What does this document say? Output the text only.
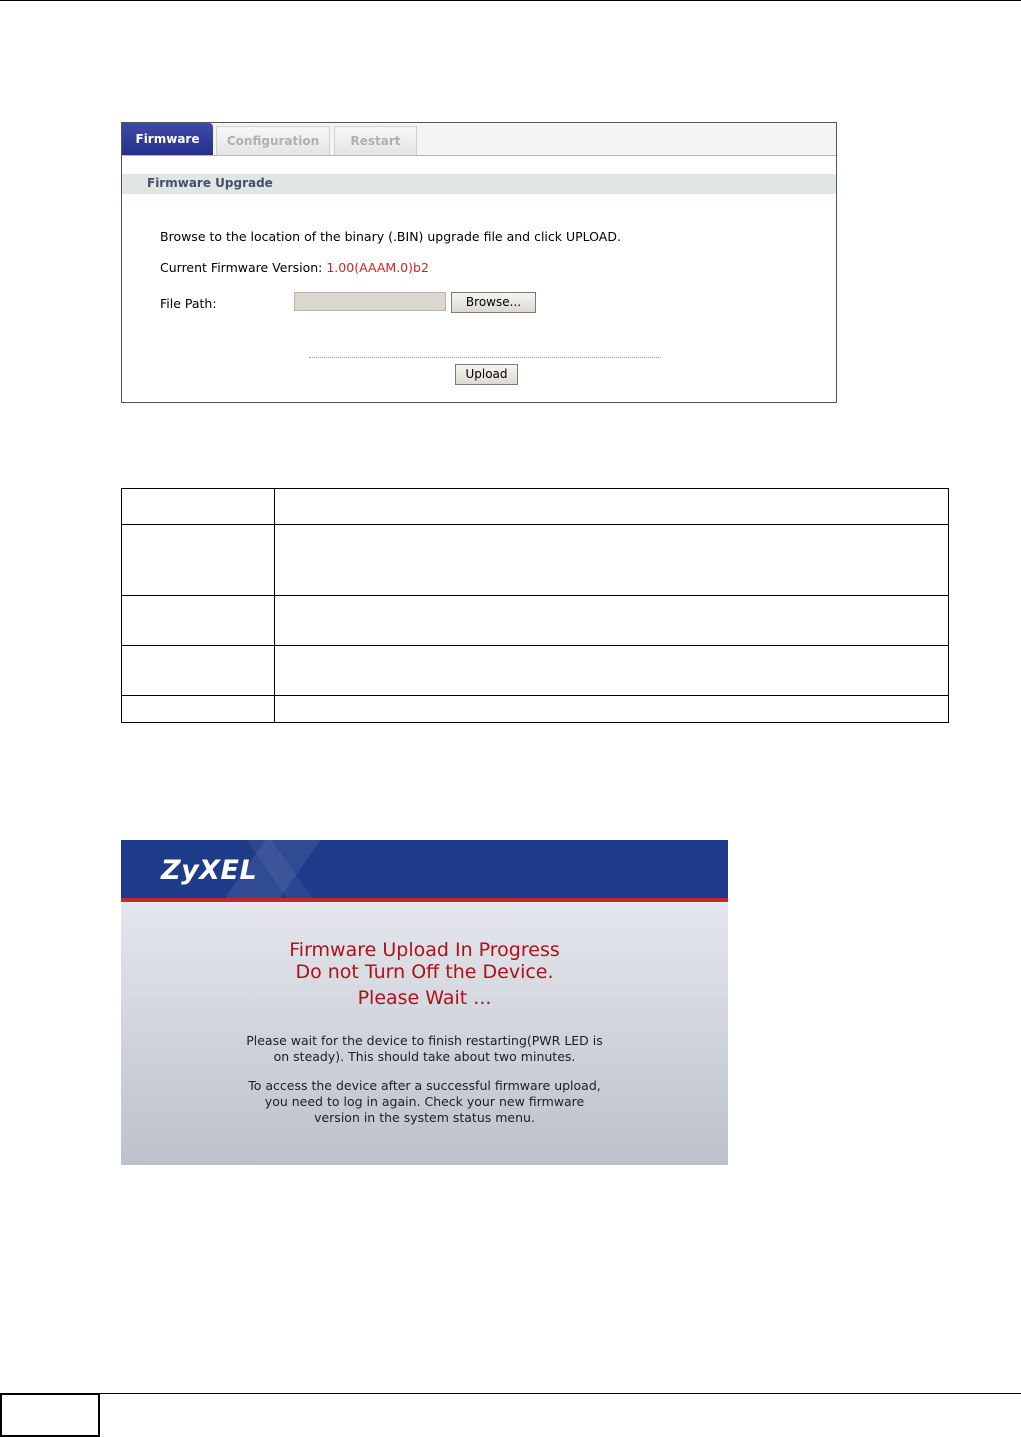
Firmware	Configuration	Restart
Firmware Upgrade
Browse to the location of the binary (.BIN) upgrade file and click UPLOAD.
Current Firmware Version: 1.00(AAAM.0)b2
File Path:	Browse...
Upload
ZyXEL
Firmware Upload In Progress
Do not Turn Off the Device.
Please Wait ...
Please wait for the device to finish restarting(PWR LED is
on steady). This should take about two minutes.
To access the device after a successful firmware upload,
you need to log in again. Check your new firmware
version in the system status menu.
